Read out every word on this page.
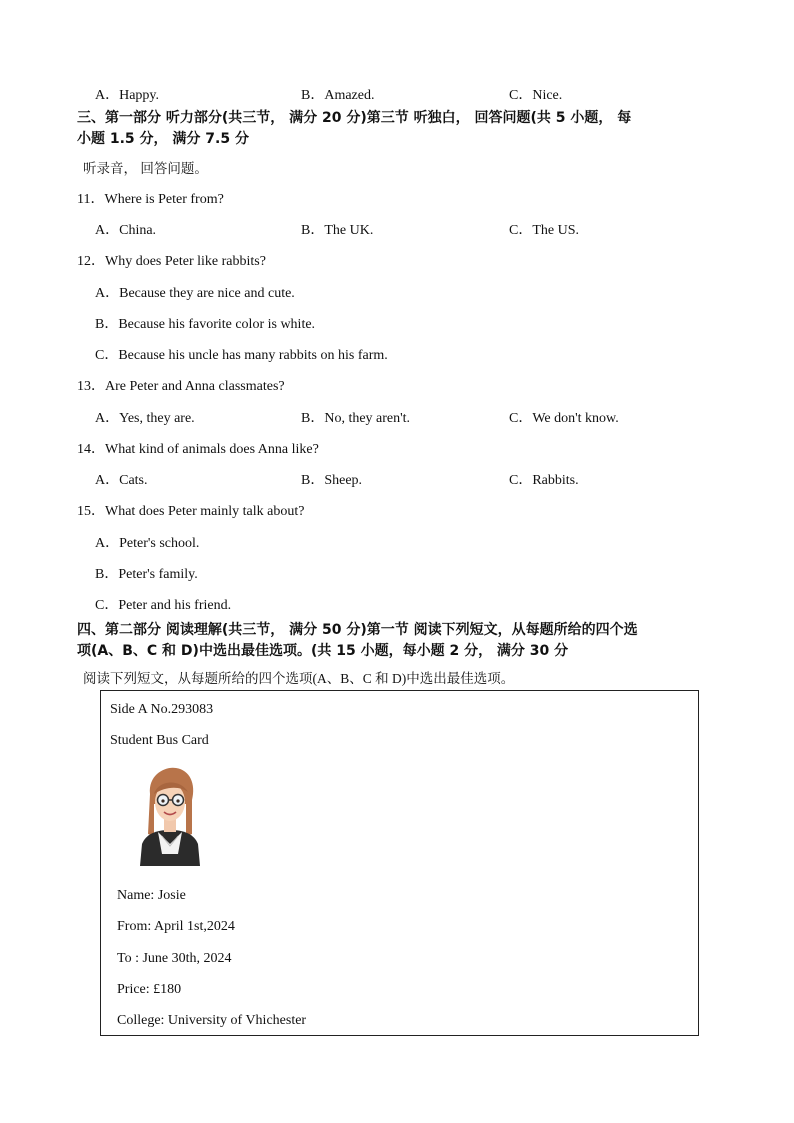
A．Happy.	B．Amazed.	C．Nice.
三、第一部分 听力部分(共三节， 满分 20 分)第三节 听独白， 回答问题(共 5 小题， 每
小题 1.5 分， 满分 7.5 分
听录音， 回答问题。
11．Where is Peter from?
A．China.	B．The UK.	C．The US.
12．Why does Peter like rabbits?
A．Because they are nice and cute.
B．Because his favorite color is white.
C．Because his uncle has many rabbits on his farm.
13．Are Peter and Anna classmates?
A．Yes, they are.	B．No, they aren't.	C．We don't know.
14．What kind of animals does Anna like?
A．Cats.	B．Sheep.	C．Rabbits.
15．What does Peter mainly talk about?
A．Peter's school.
B．Peter's family.
C．Peter and his friend.
四、第二部分 阅读理解(共三节， 满分 50 分)第一节 阅读下列短文，从每题所给的四个选
项(A、B、C 和 D)中选出最佳选项。(共 15 小题，每小题 2 分， 满分 30 分
阅读下列短文，从每题所给的四个选项(A、B、C 和 D)中选出最佳选项。
Side A No.293083
Student Bus Card
Name: Josie
From: April 1st,2024
To : June 30th, 2024
Price: £180
College: University of Vhichester
